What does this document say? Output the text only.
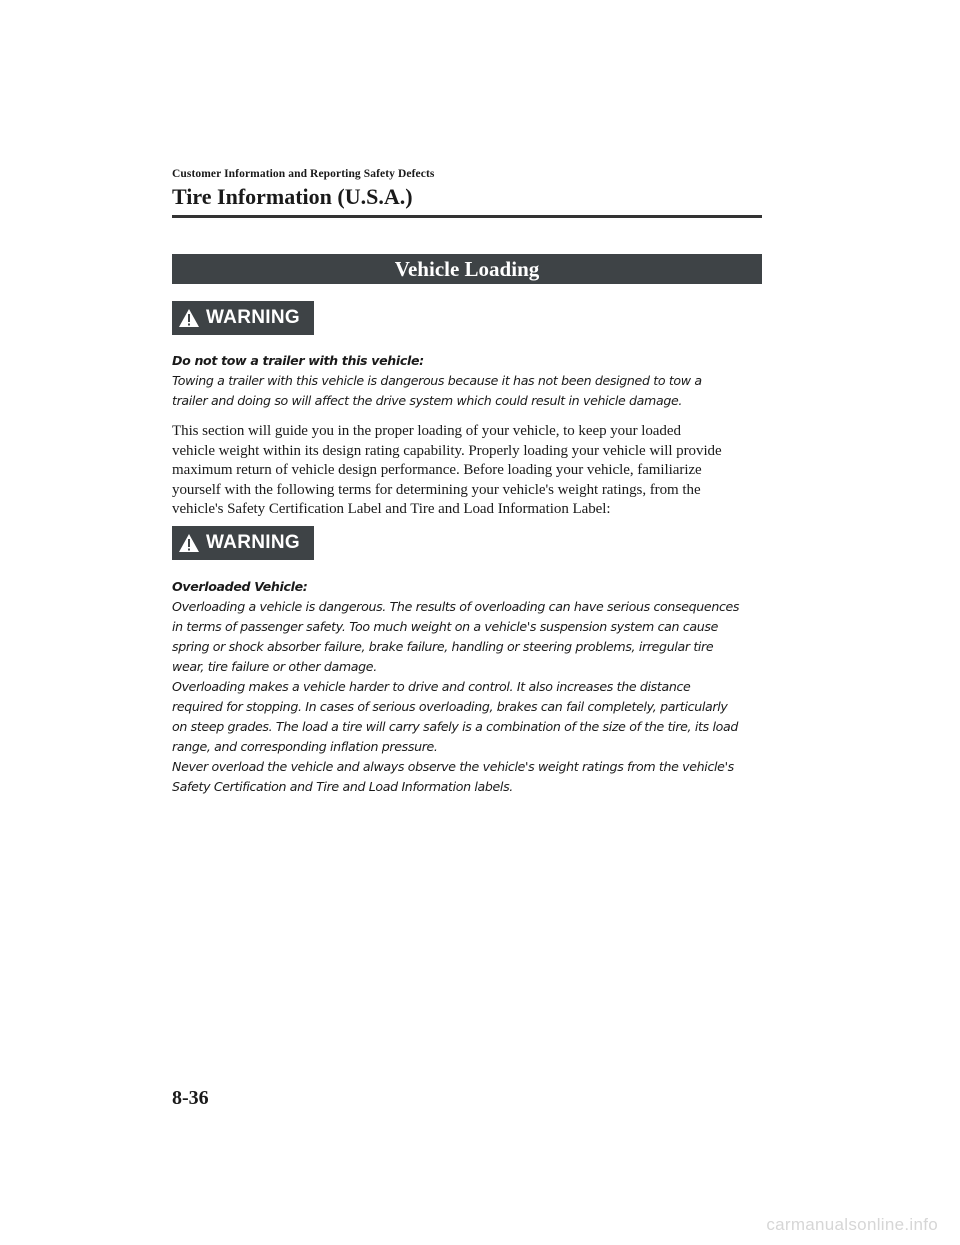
Customer Information and Reporting Safety Defects
Tire Information (U.S.A.)
Vehicle Loading
WARNING

Do not tow a trailer with this vehicle:

Towing a trailer with this vehicle is dangerous because it has not been designed to tow a

trailer and doing so will affect the drive system which could result in vehicle damage.

This section will guide you in the proper loading of your vehicle, to keep your loaded
vehicle weight within its design rating capability. Properly loading your vehicle will provide
maximum return of vehicle design performance. Before loading your vehicle, familiarize
yourself with the following terms for determining your vehicle's weight ratings, from the
vehicle's Safety Certification Label and Tire and Load Information Label:
WARNING

Overloaded Vehicle:

Overloading a vehicle is dangerous. The results of overloading can have serious consequences

in terms of passenger safety. Too much weight on a vehicle's suspension system can cause

spring or shock absorber failure, brake failure, handling or steering problems, irregular tire

wear, tire failure or other damage.

Overloading makes a vehicle harder to drive and control. It also increases the distance

required for stopping. In cases of serious overloading, brakes can fail completely, particularly

on steep grades. The load a tire will carry safely is a combination of the size of the tire, its load

range, and corresponding inflation pressure.

Never overload the vehicle and always observe the vehicle's weight ratings from the vehicle's

Safety Certification and Tire and Load Information labels.

8-36
carmanualsonline.info
